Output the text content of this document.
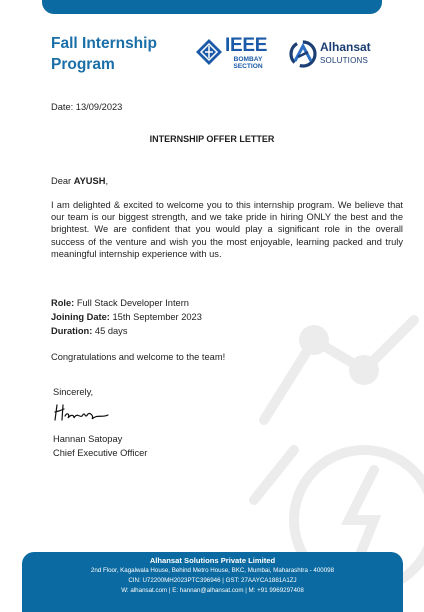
Fall Internship
Program
IEEE
BOMBAY
SECTION
Alhansat
SOLUTIONS
Date: 13/09/2023
INTERNSHIP OFFER LETTER
Dear AYUSH,
I am delighted & excited to welcome you to this internship program. We believe that our team is our biggest strength, and we take pride in hiring ONLY the best and the brightest. We are confident that you would play a significant role in the overall success of the venture and wish you the most enjoyable, learning packed and truly meaningful internship experience with us.
Role: Full Stack Developer Intern
Joining Date: 15th September 2023
Duration: 45 days
Congratulations and welcome to the team!
Sincerely,
Hannan Satopay
Chief Executive Officer
Alhansat Solutions Private Limited
2nd Floor, Kagalwala House, Behind Metro House, BKC, Mumbai, Maharashtra - 400098
CIN: U72200MH2023PTC396946 | GST: 27AAYCA1881A1ZJ
W: alhansat.com | E: hannan@alhansat.com | M: +91 9969297408
